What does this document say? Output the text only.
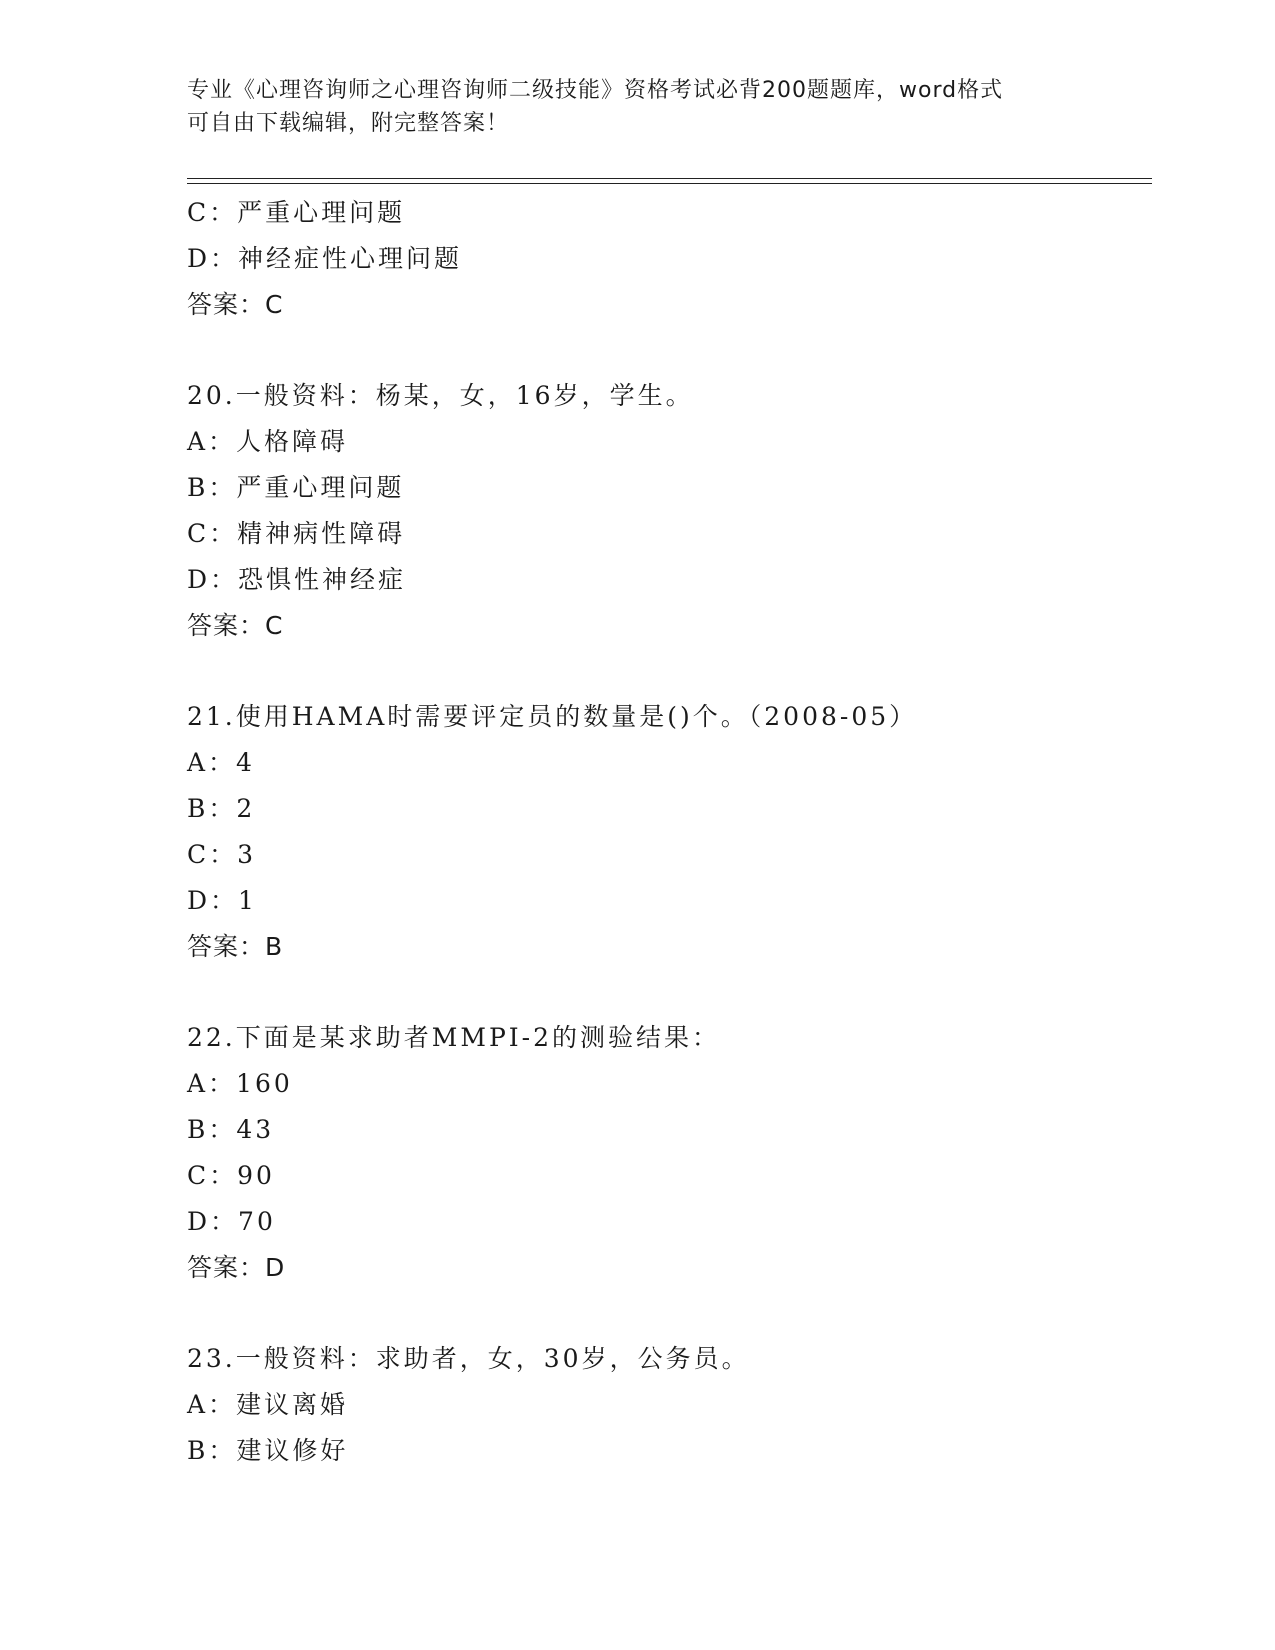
专业《心理咨询师之心理咨询师二级技能》资格考试必背200题题库，word格式
可自由下载编辑，附完整答案！
C：严重心理问题
D：神经症性心理问题
答案：C
20.一般资料：杨某，女，16岁，学生。
A：人格障碍
B：严重心理问题
C：精神病性障碍
D：恐惧性神经症
答案：C
21.使用HAMA时需要评定员的数量是()个。（2008-05）
A：4
B：2
C：3
D：1
答案：B
22.下面是某求助者MMPI-2的测验结果：
A：160
B：43
C：90
D：70
答案：D
23.一般资料：求助者，女，30岁，公务员。
A：建议离婚
B：建议修好
